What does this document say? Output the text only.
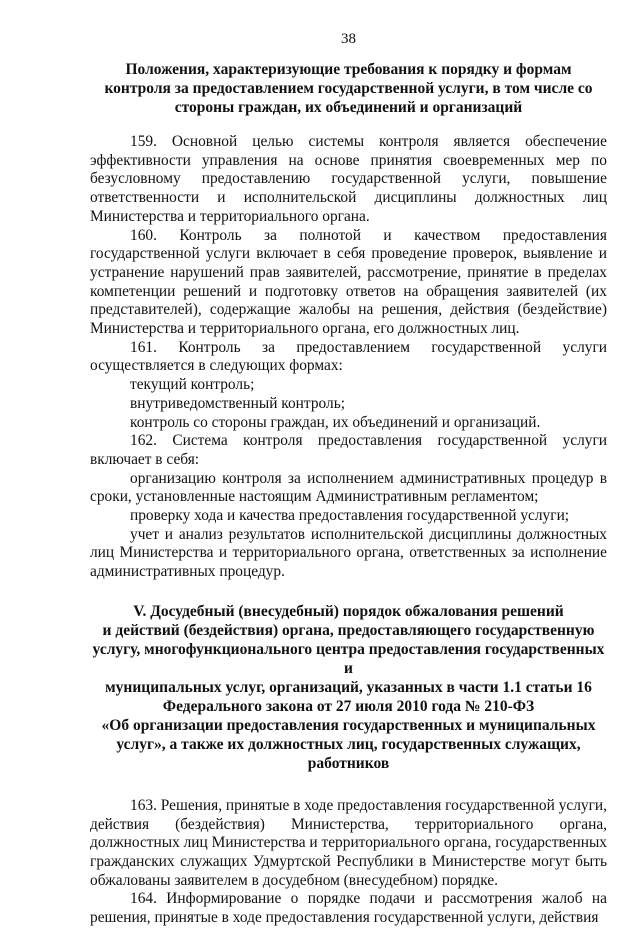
38
Положения, характеризующие требования к порядку и формам
контроля за предоставлением государственной услуги, в том числе со
стороны граждан, их объединений и организаций

159. Основной целью системы контроля является обеспечение эффективности управления на основе принятия своевременных мер по безусловному предоставлению государственной услуги, повышение ответственности и исполнительской дисциплины должностных лиц Министерства и территориального органа.

160. Контроль за полнотой и качеством предоставления государственной услуги включает в себя проведение проверок, выявление и устранение нарушений прав заявителей, рассмотрение, принятие в пределах компетенции решений и подготовку ответов на обращения заявителей (их представителей), содержащие жалобы на решения, действия (бездействие) Министерства и территориального органа, его должностных лиц.

161. Контроль за предоставлением государственной услуги осуществляется в следующих формах:

текущий контроль;

внутриведомственный контроль;

контроль со стороны граждан, их объединений и организаций.

162. Система контроля предоставления государственной услуги включает в себя:

организацию контроля за исполнением административных процедур в сроки, установленные настоящим Административным регламентом;

проверку хода и качества предоставления государственной услуги;

учет и анализ результатов исполнительской дисциплины должностных лиц Министерства и территориального органа, ответственных за исполнение административных процедур.

V. Досудебный (внесудебный) порядок обжалования решений
и действий (бездействия) органа, предоставляющего государственную
услугу, многофункционального центра предоставления государственных и
муниципальных услуг, организаций, указанных в части 1.1 статьи 16
Федерального закона от 27 июля 2010 года № 210-ФЗ
«Об организации предоставления государственных и муниципальных
услуг», а также их должностных лиц, государственных служащих,
работников

163. Решения, принятые в ходе предоставления государственной услуги, действия (бездействия) Министерства, территориального органа, должностных лиц Министерства и территориального органа, государственных гражданских служащих Удмуртской Республики в Министерстве могут быть обжалованы заявителем в досудебном (внесудебном) порядке.

164. Информирование о порядке подачи и рассмотрения жалоб на решения, принятые в ходе предоставления государственной услуги, действия
